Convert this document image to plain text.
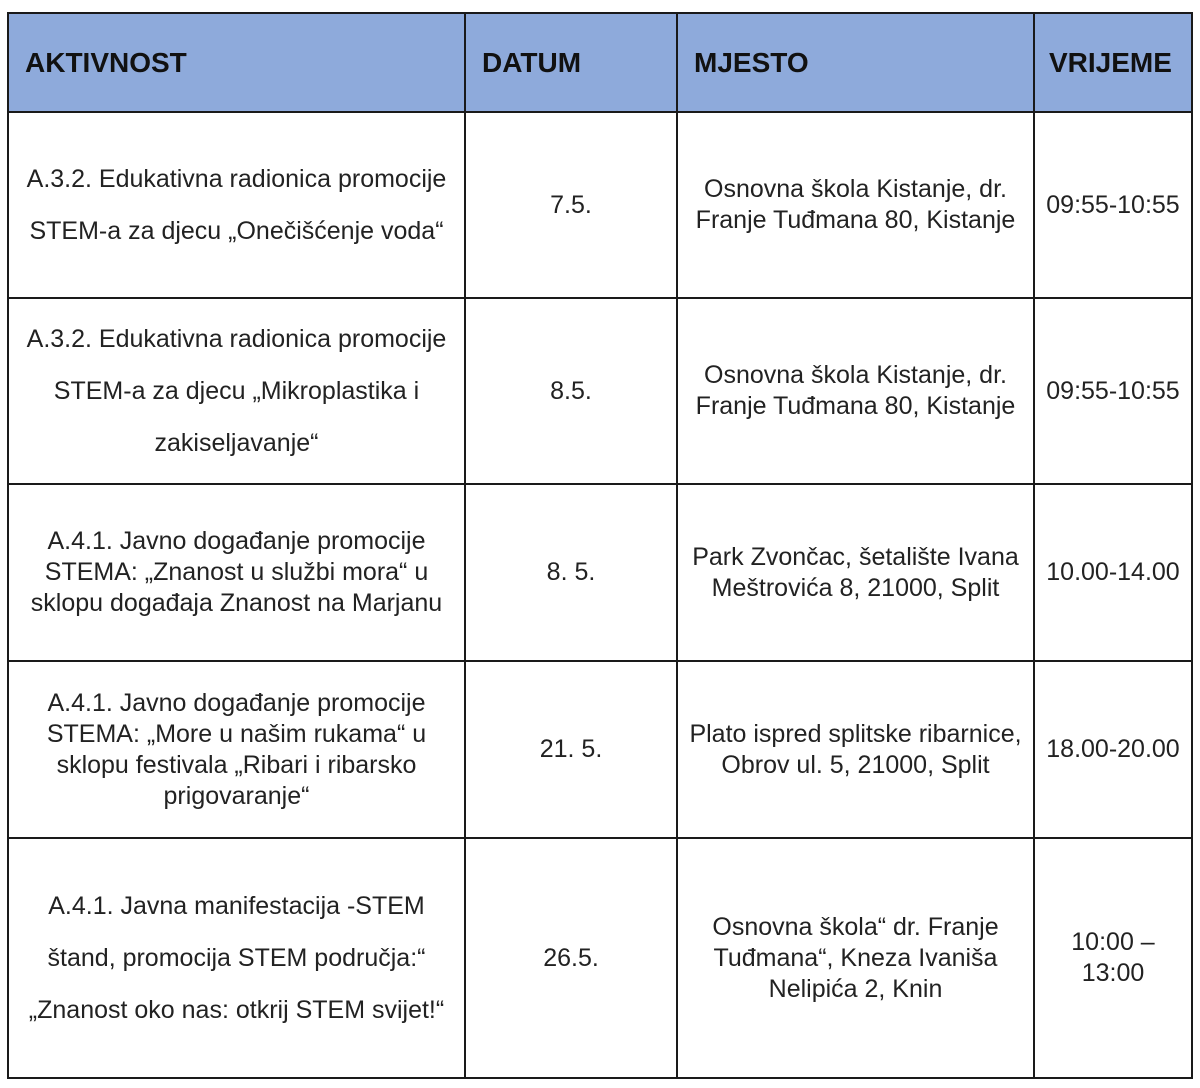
AKTIVNOST	DATUM	MJESTO	VRIJEME
A.3.2. Edukativna radionica promocije STEM-a za djecu „Onečišćenje voda“	7.5.	Osnovna škola Kistanje, dr. Franje Tuđmana 80, Kistanje	09:55-10:55
A.3.2. Edukativna radionica promocije STEM-a za djecu „Mikroplastika i zakiseljavanje“	8.5.	Osnovna škola Kistanje, dr. Franje Tuđmana 80, Kistanje	09:55-10:55
A.4.1. Javno događanje promocije STEMA: „Znanost u službi mora“ u sklopu događaja Znanost na Marjanu	8. 5.	Park Zvončac, šetalište Ivana Meštrovića 8, 21000, Split	10.00-14.00
A.4.1. Javno događanje promocije STEMA: „More u našim rukama“ u sklopu festivala „Ribari i ribarsko prigovaranje“	21. 5.	Plato ispred splitske ribarnice, Obrov ul. 5, 21000, Split	18.00-20.00
A.4.1. Javna manifestacija -STEM štand, promocija STEM područja:“ „Znanost oko nas: otkrij STEM svijet!“	26.5.	Osnovna škola“ dr. Franje Tuđmana“, Kneza Ivaniša Nelipića 2, Knin	10:00 – 13:00
